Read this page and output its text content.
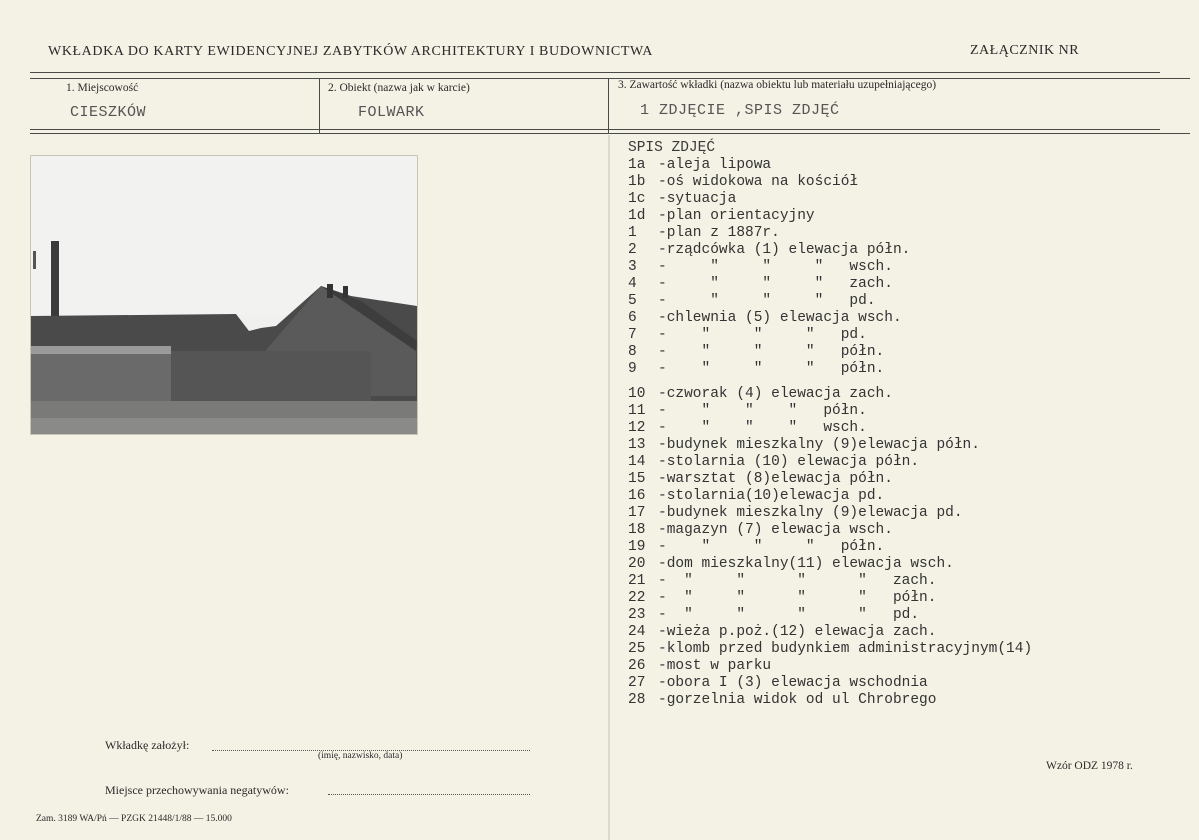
WKŁADKA DO KARTY EWIDENCYJNEJ ZABYTKÓW ARCHITEKTURY I BUDOWNICTWA	ZAŁĄCZNIK NR
1. Miejscowość
CIESZKÓW
2. Obiekt (nazwa jak w karcie)
FOLWARK
3. Zawartość wkładki (nazwa obiektu lub materiału uzupełniającego)
1 ZDJĘCIE ,SPIS ZDJĘĆ
SPIS ZDJĘĆ
1a -aleja lipowa
1b -oś widokowa na kościół
1c -sytuacja
1d -plan orientacyjny
1 -plan z 1887r.
2 -rządcówka (1) elewacja półn.
3 -     "     "     "   wsch.
4 -     "     "     "   zach.
5 -     "     "     "   pd.
6 -chlewnia (5) elewacja wsch.
7 -    "     "     "   pd.
8 -    "     "     "   półn.
9 -    "     "     "   półn.
10 -czworak (4) elewacja zach.
11 -    "    "    "   półn.
12 -    "    "    "   wsch.
13 -budynek mieszkalny (9)elewacja półn.
14 -stolarnia (10) elewacja półn.
15 -warsztat (8)elewacja półn.
16 -stolarnia(10)elewacja pd.
17 -budynek mieszkalny (9)elewacja pd.
18 -magazyn (7) elewacja wsch.
19 -    "     "     "   półn.
20 -dom mieszkalny(11) elewacja wsch.
21 -  "     "      "      "   zach.
22 -  "     "      "      "   półn.
23 -  "     "      "      "   pd.
24 -wieża p.poż.(12) elewacja zach.
25 -klomb przed budynkiem administracyjnym(14)
26 -most w parku
27 -obora I (3) elewacja wschodnia
28 -gorzelnia widok od ul Chrobrego
Wkładkę założył:
(imię, nazwisko, data)
Miejsce przechowywania negatywów:
Zam. 3189 WA/Pń — PZGK 21448/1/88 — 15.000
Wzór ODZ 1978 r.
